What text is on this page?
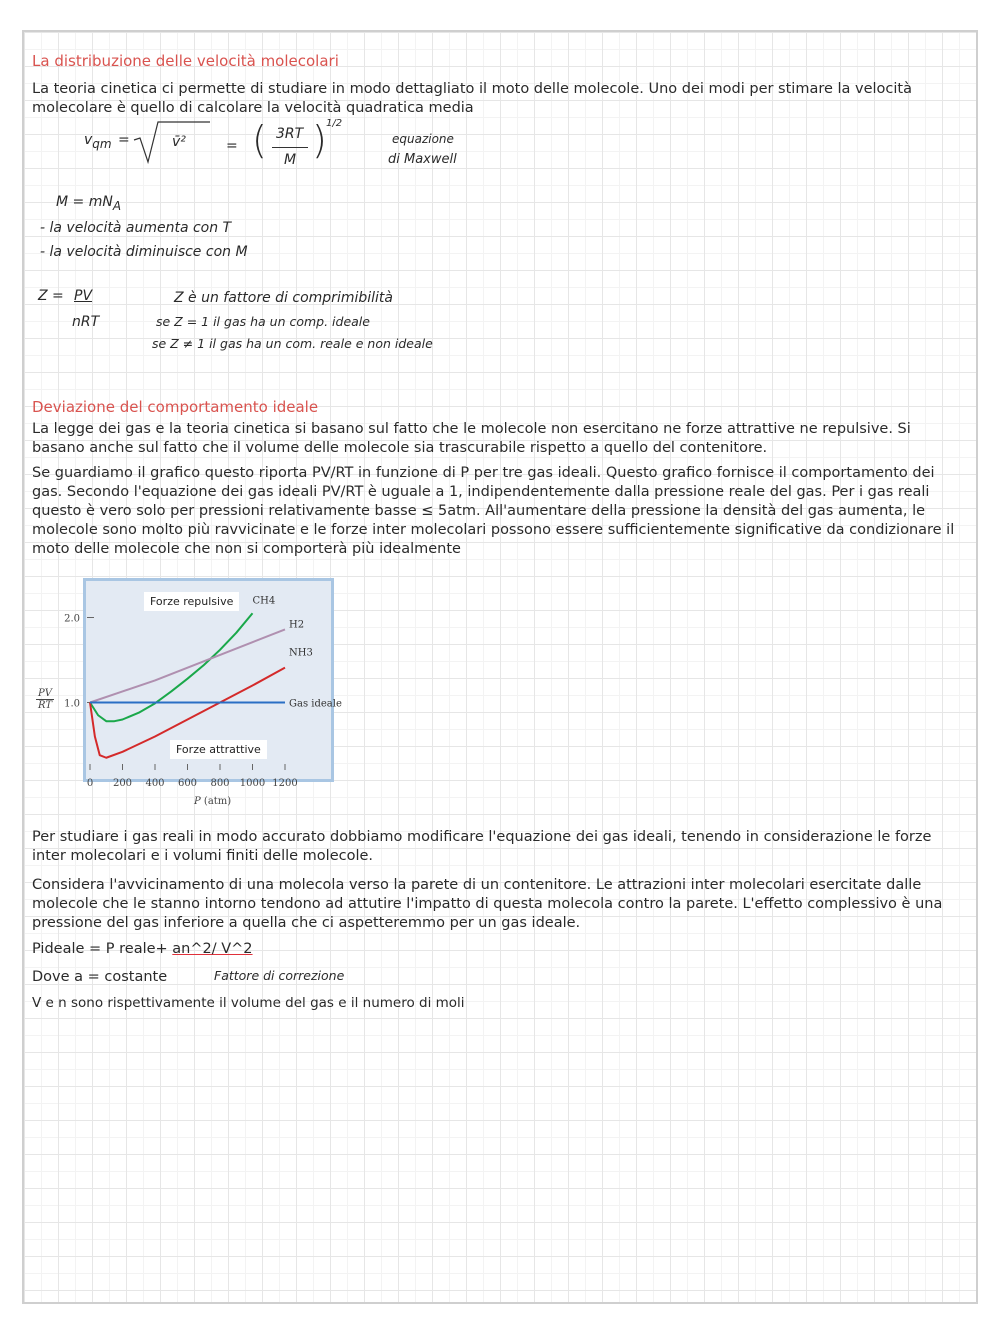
La distribuzione delle velocità molecolari
La teoria cinetica ci permette di studiare in modo dettagliato il moto delle molecole. Uno dei modi per stimare la velocità molecolare è quello di calcolare la velocità quadratica media
$v_{qm}$ =	v̄²	= ( 3RT
M ) 1/2
equazione
di Maxwell
$M = mN_A$
- la velocità aumenta con T
- la velocità diminuisce con M
Z = PV
nRT
Z è un fattore di comprimibilità
se Z = 1 il gas ha un comp. ideale
se Z ≠ 1 il gas ha un com. reale e non ideale
Deviazione del comportamento ideale
La legge dei gas e la teoria cinetica si basano sul fatto che le molecole non esercitano ne forze attrattive ne repulsive. Si basano anche sul fatto che il volume delle molecole sia trascurabile rispetto a quello del contenitore.
Se guardiamo il grafico questo riporta PV/RT in funzione di P per tre gas ideali. Questo grafico fornisce il comportamento dei gas. Secondo l'equazione dei gas ideali PV/RT è uguale a 1, indipendentemente dalla pressione reale del gas. Per i gas reali questo è vero solo per pressioni relativamente basse ≤ 5atm. All'aumentare della pressione la densità del gas aumenta, le molecole sono molto più ravvicinate e le forze inter molecolari possono essere sufficientemente significative da condizionare il moto delle molecole che non si comporterà più idealmente
0 200 400 600 800 1000 1200
1.0
2.0
CH4
H2
NH3
Gas ideale
Forze repulsive
Forze attrattive
PV
RT
P (atm)
Per studiare i gas reali in modo accurato dobbiamo modificare l'equazione dei gas ideali, tenendo in considerazione le forze inter molecolari e i volumi finiti delle molecole.
Considera l'avvicinamento di una molecola verso la parete di un contenitore. Le attrazioni inter molecolari esercitate dalle molecole che le stanno intorno tendono ad attutire l'impatto di questa molecola contro la parete. L'effetto complessivo è una pressione del gas inferiore a quella che ci aspetteremmo per un gas ideale.
Pideale = P reale+ an^2/ V^2
Dove a = costante	Fattore di correzione
V e n sono rispettivamente il volume del gas e il numero di moli
